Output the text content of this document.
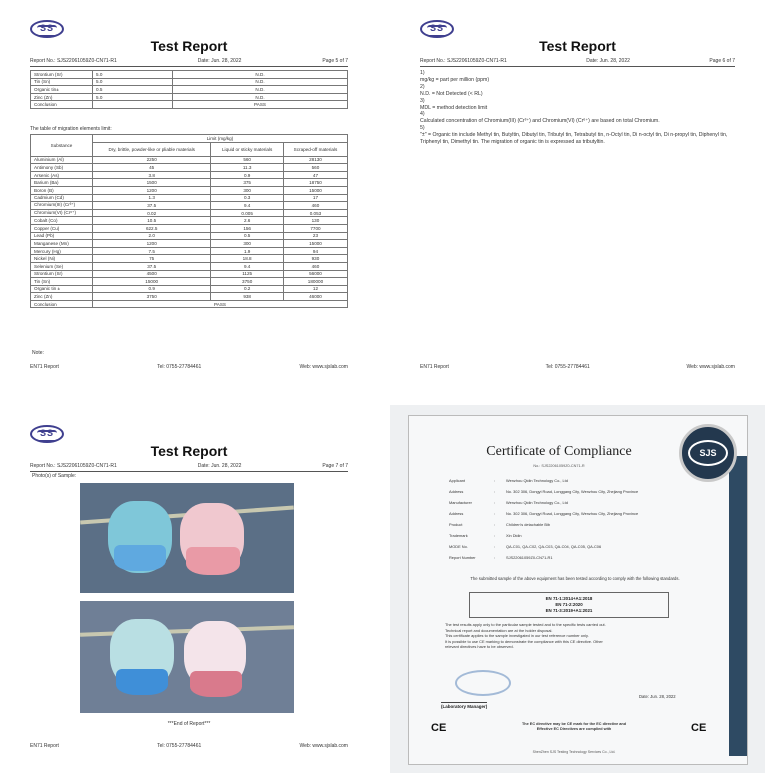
SS
Test Report
Report No.: SJS22061059Z0-CN71-R1	Date: Jun. 28, 2022	Page 5 of 7
Strontium (Sr)	5.0	N.D.
Tin (Sn)	5.0	N.D.
Organic tin±	0.5	N.D.
Zinc (Zn)	5.0	N.D.
Conclusion		PASS
The table of migration elements limit:
Substance	Limit (mg/kg)		
	Dry, brittle, powder-like or pliable materials	Liquid or sticky materials	Scraped-off materials
Aluminium (Al)	2250	560	28130
Antimony (Sb)	45	11.3	560
Arsenic (As)	3.8	0.9	47
Barium (Ba)	1500	375	18750
Boron (B)	1200	300	15000
Cadmium (Cd)	1.3	0.3	17
Chromium(III) (Cr³⁺)	37.5	9.4	460
Chromium(VI) (Cr⁶⁺)	0.02	0.005	0.053
Cobalt (Co)	10.5	2.6	130
Copper (Cu)	622.5	156	7700
Lead (Pb)	2.0	0.5	23
Manganese (Mn)	1200	300	15000
Mercury (Hg)	7.5	1.9	94
Nickel (Ni)	75	18.8	930
Selenium (Se)	37.5	9.4	460
Strontium (Sr)	4500	1125	56000
Tin (Sn)	15000	3750	180000
Organic tin ±	0.9	0.2	12
Zinc (Zn)	3750	938	46000
Conclusion	PASS		
Note:
EN71 Report	Tel: 0755-27784461	Web: www.sjslab.com
SS
Test Report
Report No.: SJS22061059Z0-CN71-R1	Date: Jun. 28, 2022	Page 6 of 7
1)
mg/kg = part per million (ppm)
2)
N.D. = Not Detected (< RL)
3)
MDL = method detection limit
4)
Calculated concentration of Chromium(III) (Cr³⁺) and Chromium(VI) (Cr⁶⁺) are based on total Chromium.
5)
"±" = Organic tin include Methyl tin, Butyltin, Dibutyl tin, Tributyl tin, Tetrabutyl tin, n-Octyl tin, Di n-octyl tin, Di n-propyl tin, Diphenyl tin, Triphenyl tin, Dimethyl tin. The migration of organic tin is expressed as tributyltin.
EN71 Report	Tel: 0755-27784461	Web: www.sjslab.com
SS
Test Report
Report No.: SJS22061059Z0-CN71-R1	Date: Jun. 28, 2022	Page 7 of 7
Photo(s) of Sample:
***End of Report***
EN71 Report	Tel: 0755-27784461	Web: www.sjslab.com
SJS
Certificate of Compliance
No.: SJS22061059Z0-CN71-R
Applicant	:	Wenzhou Qidin Technology Co., Ltd
Address	:	No. 302 306, Dongyi Road, Longgang City, Wenzhou City, Zhejiang Province
Manufacturer	:	Wenzhou Qidin Technology Co., Ltd
Address	:	No. 302 306, Dongyi Road, Longgang City, Wenzhou City, Zhejiang Province
Product	:	Children's detachable Bib
Trademark	:	Xin Didin
MODE No.	:	QA-C01, QA-C02, QA-C03, QA-C04, QA-C05, QA-C06
Report Number	:	SJS22061059Z0-CN71-R1
The submitted sample of the above equipment has been tested according to comply with the following standards.
EN 71-1:2014+A1:2018
EN 71-2:2020
EN 71-3:2019+A1:2021
The test results apply only to the particular sample tested and to the specific tests carried out.
Technical report and documentation are at the holder disposal.
This certificate applies to the sample investigated in our test reference number only.
It is possible to use CE marking to demonstrate the compliance with this CE directive. Other
relevant directives have to be observed.
(Laboratory Manager)
Date: Jun. 28, 2022
CE	CE
The EC directive may be CE mark for the EC directive and
Effective EC Directives are complied with
ShenZhen SJS Testing Technology Services Co., Ltd.
